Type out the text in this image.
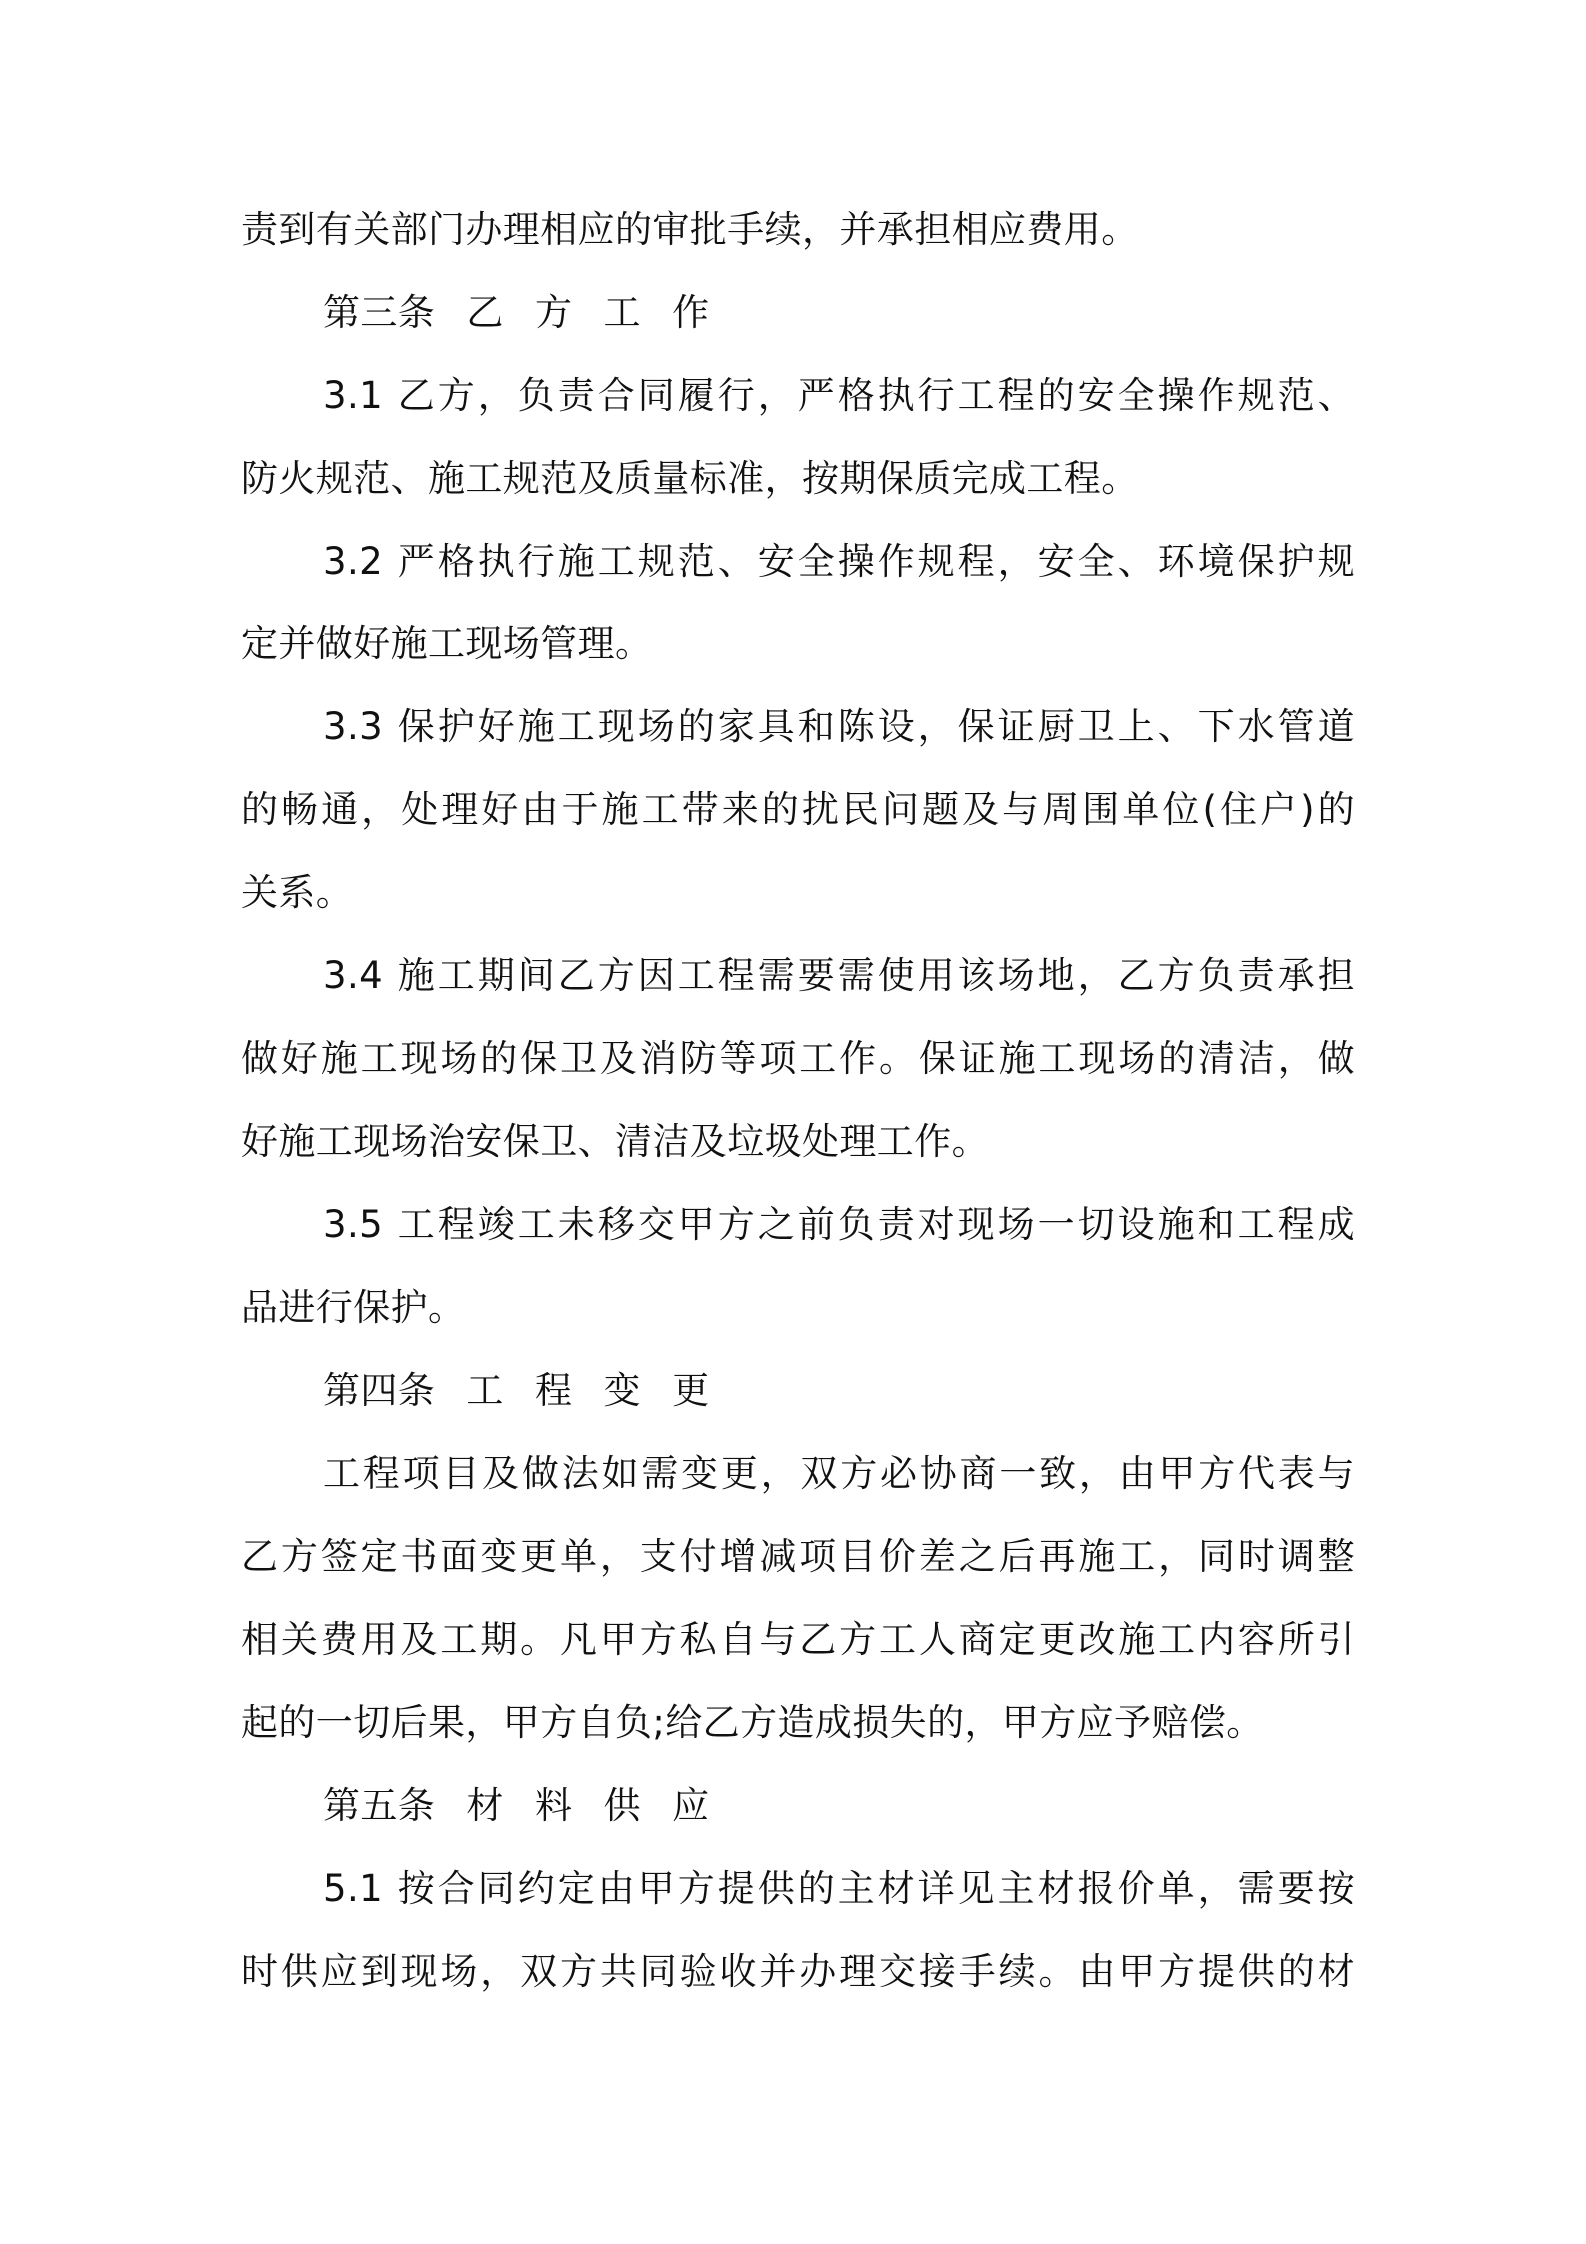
责到有关部门办理相应的审批手续，并承担相应费用。
第三条 乙 方 工 作
3.1 乙方，负责合同履行，严格执行工程的安全操作规范、
防火规范、施工规范及质量标准，按期保质完成工程。
3.2 严格执行施工规范、安全操作规程，安全、环境保护规
定并做好施工现场管理。
3.3 保护好施工现场的家具和陈设，保证厨卫上、下水管道
的畅通，处理好由于施工带来的扰民问题及与周围单位(住户)的
关系。
3.4 施工期间乙方因工程需要需使用该场地，乙方负责承担
做好施工现场的保卫及消防等项工作。保证施工现场的清洁，做
好施工现场治安保卫、清洁及垃圾处理工作。
3.5 工程竣工未移交甲方之前负责对现场一切设施和工程成
品进行保护。
第四条 工 程 变 更
工程项目及做法如需变更，双方必协商一致，由甲方代表与
乙方签定书面变更单，支付增减项目价差之后再施工，同时调整
相关费用及工期。凡甲方私自与乙方工人商定更改施工内容所引
起的一切后果，甲方自负;给乙方造成损失的，甲方应予赔偿。
第五条 材 料 供 应
5.1 按合同约定由甲方提供的主材详见主材报价单，需要按
时供应到现场，双方共同验收并办理交接手续。由甲方提供的材
